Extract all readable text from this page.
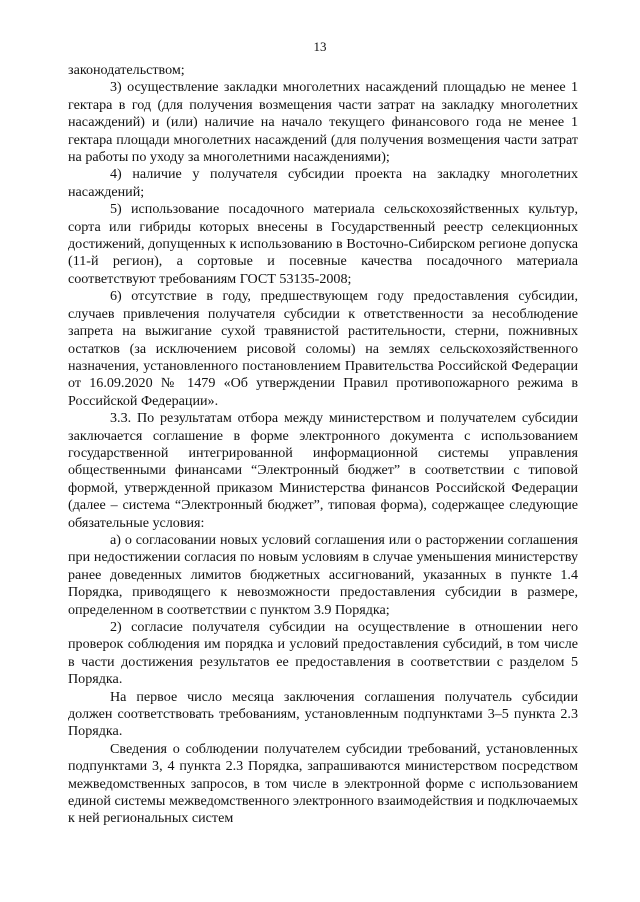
13

законодательством;

3) осуществление закладки многолетних насаждений площадью не менее 1 гектара в год (для получения возмещения части затрат на закладку многолетних насаждений) и (или) наличие на начало текущего финансового года не менее 1 гектара площади многолетних насаждений (для получения возмещения части затрат на работы по уходу за многолетними насаждениями);

4) наличие у получателя субсидии проекта на закладку многолетних насаждений;

5) использование посадочного материала сельскохозяйственных культур, сорта или гибриды которых внесены в Государственный реестр селекционных достижений, допущенных к использованию в Восточно-Сибирском регионе допуска (11-й регион), а сортовые и посевные качества посадочного материала соответствуют требованиям ГОСТ 53135-2008;

6) отсутствие в году, предшествующем году предоставления субсидии, случаев привлечения получателя субсидии к ответственности за несоблюдение запрета на выжигание сухой травянистой растительности, стерни, пожнивных остатков (за исключением рисовой соломы) на землях сельскохозяйственного назначения, установленного постановлением Правительства Российской Федерации от 16.09.2020 № 1479 «Об утверждении Правил противопожарного режима в Российской Федерации».

3.3. По результатам отбора между министерством и получателем субсидии заключается соглашение в форме электронного документа с использованием государственной интегрированной информационной системы управления общественными финансами “Электронный бюджет” в соответствии с типовой формой, утвержденной приказом Министерства финансов Российской Федерации (далее – система “Электронный бюджет”, типовая форма), содержащее следующие обязательные условия:

а) о согласовании новых условий соглашения или о расторжении соглашения при недостижении согласия по новым условиям в случае уменьшения министерству ранее доведенных лимитов бюджетных ассигнований, указанных в пункте 1.4 Порядка, приводящего к невозможности предоставления субсидии в размере, определенном в соответствии с пунктом 3.9 Порядка;

2) согласие получателя субсидии на осуществление в отношении него проверок соблюдения им порядка и условий предоставления субсидий, в том числе в части достижения результатов ее предоставления в соответствии с разделом 5 Порядка.

На первое число месяца заключения соглашения получатель субсидии должен соответствовать требованиям, установленным подпунктами 3–5 пункта 2.3 Порядка.

Сведения о соблюдении получателем субсидии требований, установленных подпунктами 3, 4 пункта 2.3 Порядка, запрашиваются министерством посредством межведомственных запросов, в том числе в электронной форме с использованием единой системы межведомственного электронного взаимодействия и подключаемых к ней региональных систем
